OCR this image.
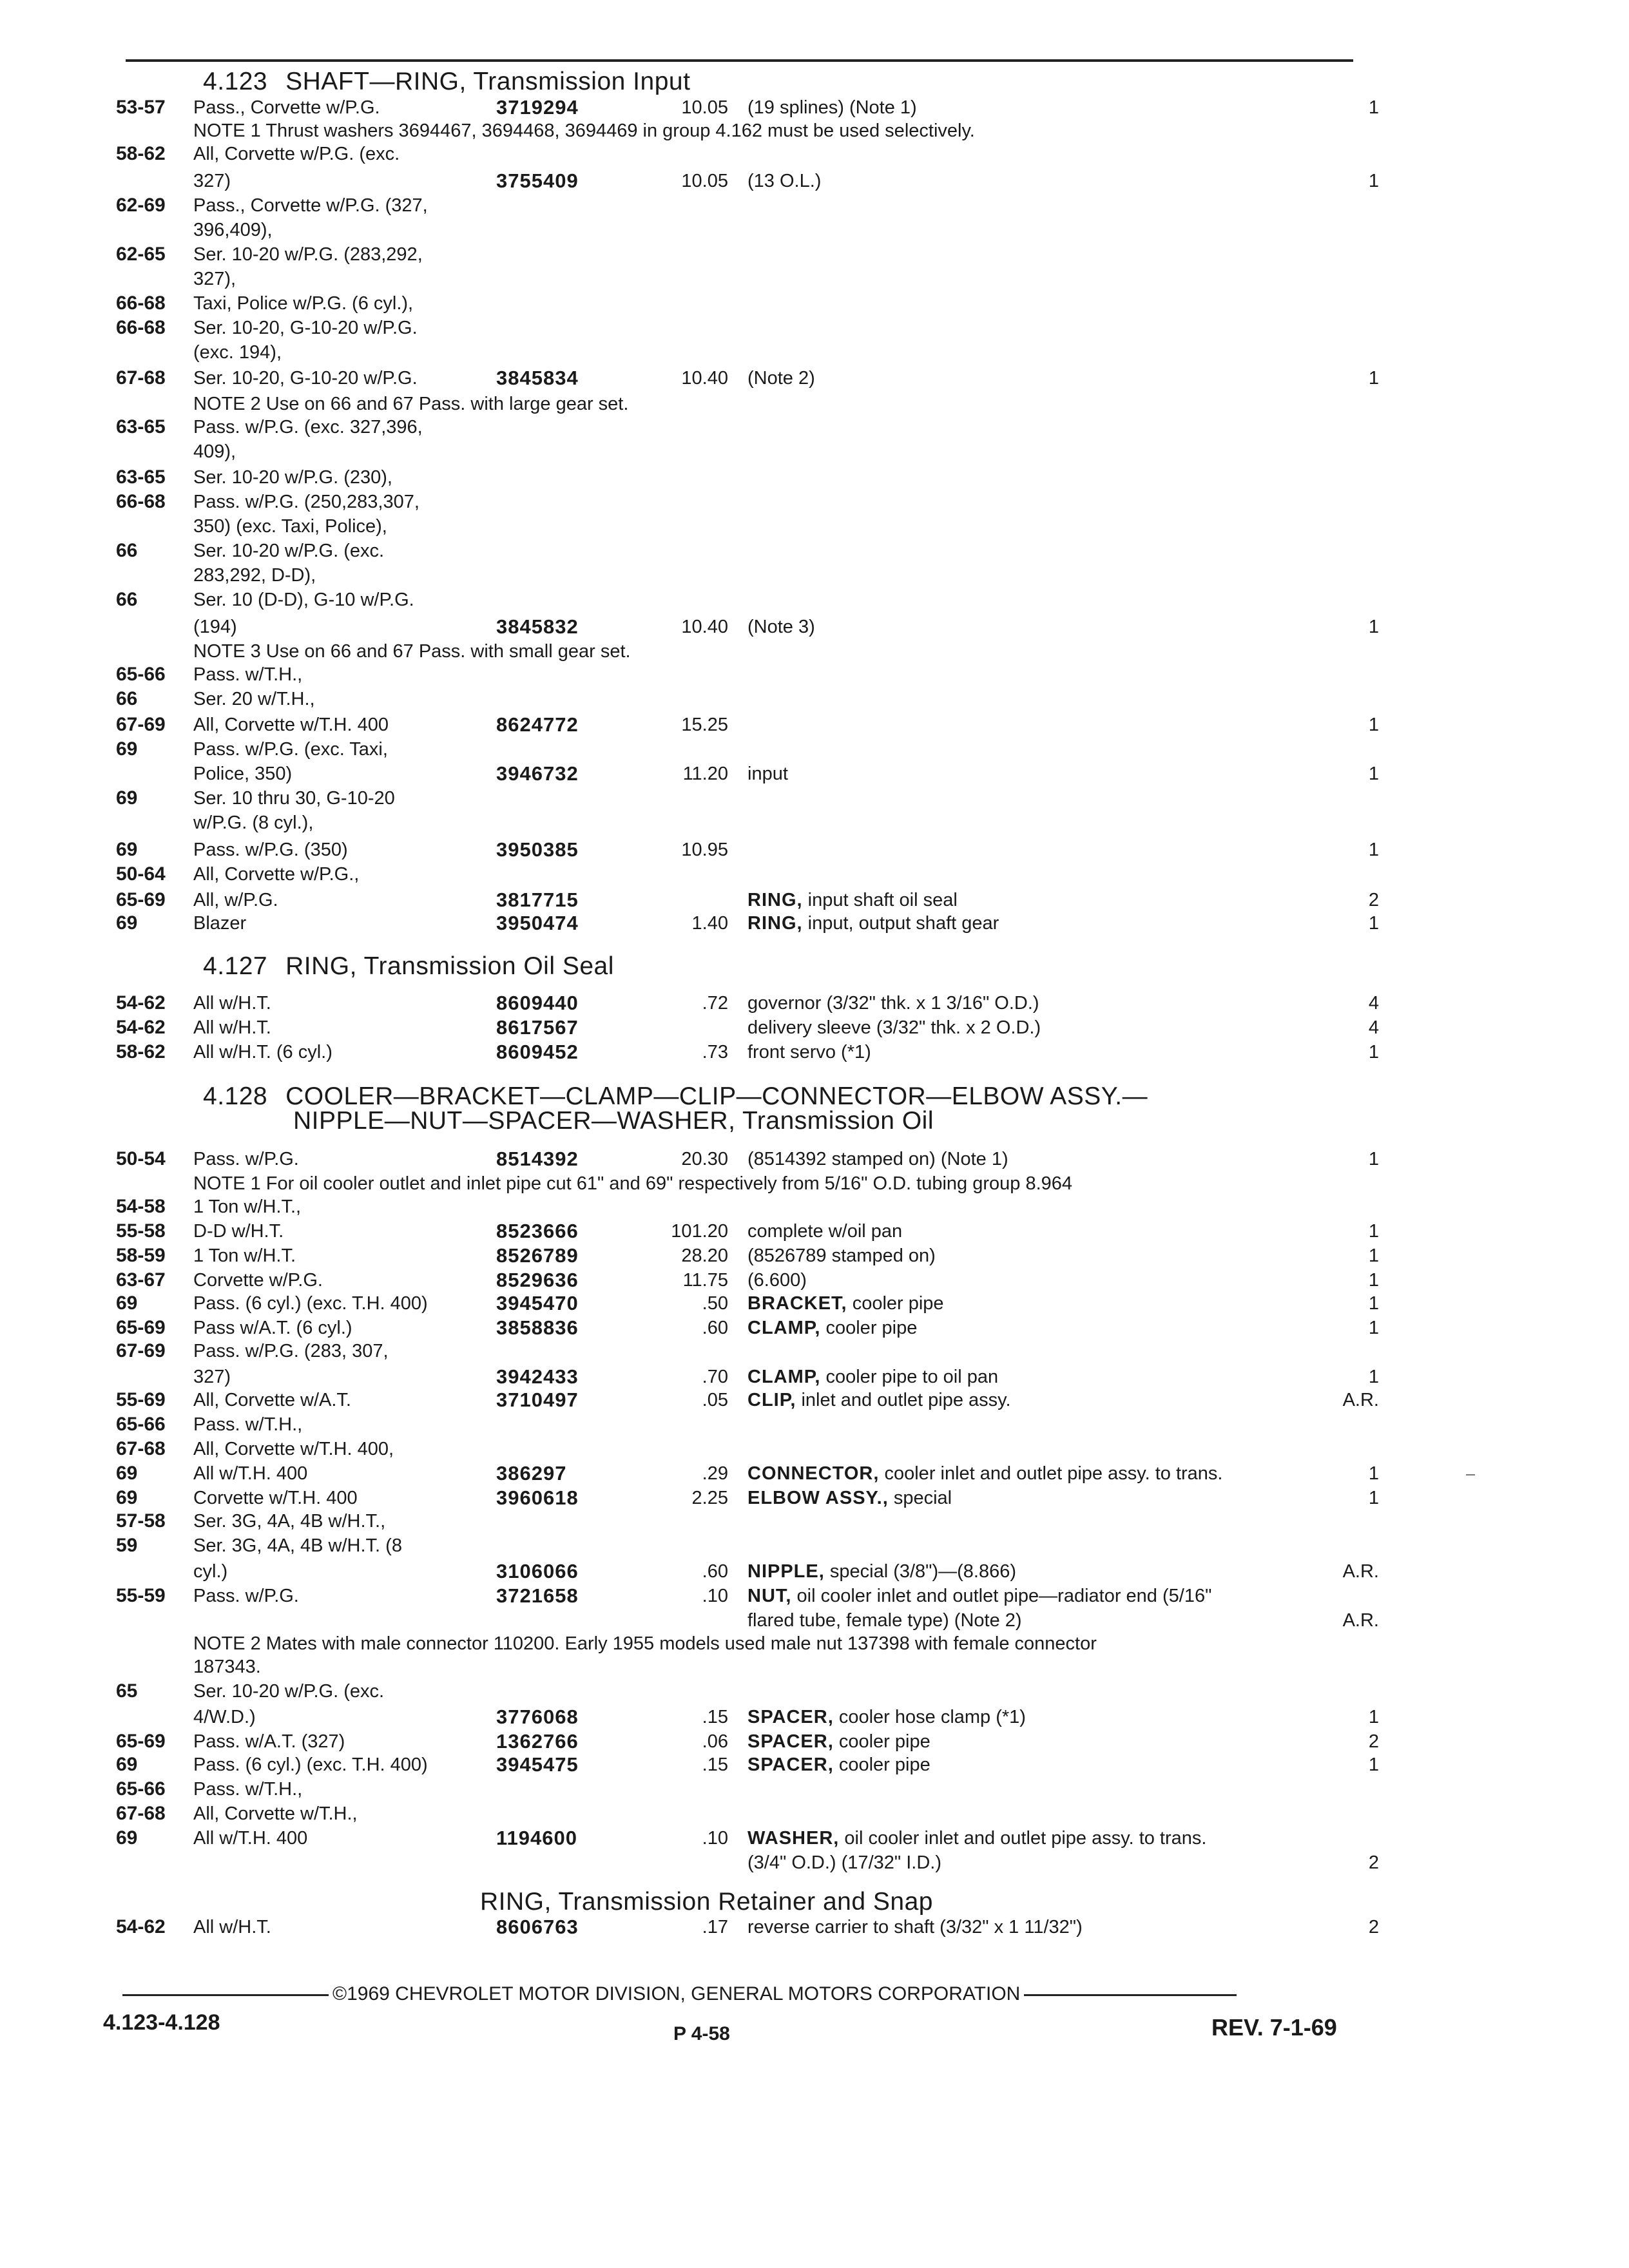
4.123 SHAFT—RING, Transmission Input
53-57 Pass., Corvette w/P.G.	3719294	10.05 (19 splines) (Note 1)	1
NOTE 1 Thrust washers 3694467, 3694468, 3694469 in group 4.162 must be used selectively.
58-62 All, Corvette w/P.G. (exc.
327)	3755409	10.05 (13 O.L.)	1
62-69 Pass., Corvette w/P.G. (327,
396,409),
62-65 Ser. 10-20 w/P.G. (283,292,
327),
66-68 Taxi, Police w/P.G. (6 cyl.),
66-68 Ser. 10-20, G-10-20 w/P.G.
(exc. 194),
67-68 Ser. 10-20, G-10-20 w/P.G.	3845834	10.40 (Note 2)	1
NOTE 2 Use on 66 and 67 Pass. with large gear set.
63-65 Pass. w/P.G. (exc. 327,396,
409),
63-65 Ser. 10-20 w/P.G. (230),
66-68 Pass. w/P.G. (250,283,307,
350) (exc. Taxi, Police),
66	Ser. 10-20 w/P.G. (exc.
283,292, D-D),
66	Ser. 10 (D-D), G-10 w/P.G.
(194)	3845832	10.40 (Note 3)	1
NOTE 3 Use on 66 and 67 Pass. with small gear set.
65-66 Pass. w/T.H.,
66	Ser. 20 w/T.H.,
67-69 All, Corvette w/T.H. 400	8624772	15.25	1
69	Pass. w/P.G. (exc. Taxi,
Police, 350)	3946732	11.20 input	1
69	Ser. 10 thru 30, G-10-20
w/P.G. (8 cyl.),
69	Pass. w/P.G. (350)	3950385	10.95	1
50-64 All, Corvette w/P.G.,
65-69 All, w/P.G.	3817715	RING, input shaft oil seal	2
69	Blazer	3950474	1.40 RING, input, output shaft gear	1
4.127 RING, Transmission Oil Seal
54-62 All w/H.T.	8609440	.72 governor (3/32" thk. x 1 3/16" O.D.)	4
54-62 All w/H.T.	8617567	delivery sleeve (3/32" thk. x 2 O.D.)	4
58-62 All w/H.T. (6 cyl.)	8609452	.73 front servo (*1)	1
4.128 COOLER—BRACKET—CLAMP—CLIP—CONNECTOR—ELBOW ASSY.—
NIPPLE—NUT—SPACER—WASHER, Transmission Oil
50-54 Pass. w/P.G.	8514392	20.30 (8514392 stamped on) (Note 1)	1
NOTE 1 For oil cooler outlet and inlet pipe cut 61" and 69" respectively from 5/16" O.D. tubing group 8.964
54-58 1 Ton w/H.T.,
55-58 D-D w/H.T.	8523666	101.20 complete w/oil pan	1
58-59 1 Ton w/H.T.	8526789	28.20 (8526789 stamped on)	1
63-67 Corvette w/P.G.	8529636	11.75 (6.600)	1
69	Pass. (6 cyl.) (exc. T.H. 400)	3945470	.50 BRACKET, cooler pipe	1
65-69 Pass w/A.T. (6 cyl.)	3858836	.60 CLAMP, cooler pipe	1
67-69 Pass. w/P.G. (283, 307,
327)	3942433	.70 CLAMP, cooler pipe to oil pan	1
55-69 All, Corvette w/A.T.	3710497	.05 CLIP, inlet and outlet pipe assy.	A.R.
65-66 Pass. w/T.H.,
67-68 All, Corvette w/T.H. 400,
69	All w/T.H. 400	386297	.29 CONNECTOR, cooler inlet and outlet pipe assy. to trans.	1
69	Corvette w/T.H. 400	3960618	2.25 ELBOW ASSY., special	1
57-58 Ser. 3G, 4A, 4B w/H.T.,
59	Ser. 3G, 4A, 4B w/H.T. (8
cyl.)	3106066	.60 NIPPLE, special (3/8")—(8.866)	A.R.
55-59 Pass. w/P.G.	3721658	.10 NUT, oil cooler inlet and outlet pipe—radiator end (5/16"
flared tube, female type) (Note 2)	A.R.
NOTE 2 Mates with male connector 110200. Early 1955 models used male nut 137398 with female connector
187343.
65	Ser. 10-20 w/P.G. (exc.
4/W.D.)	3776068	.15 SPACER, cooler hose clamp (*1)	1
65-69 Pass. w/A.T. (327)	1362766	.06 SPACER, cooler pipe	2
69	Pass. (6 cyl.) (exc. T.H. 400)	3945475	.15 SPACER, cooler pipe	1
65-66 Pass. w/T.H.,
67-68 All, Corvette w/T.H.,
69	All w/T.H. 400	1194600	.10 WASHER, oil cooler inlet and outlet pipe assy. to trans.
(3/4" O.D.) (17/32" I.D.)	2
RING, Transmission Retainer and Snap
54-62 All w/H.T.	8606763	.17 reverse carrier to shaft (3/32" x 1 11/32")	2
©1969 CHEVROLET MOTOR DIVISION, GENERAL MOTORS CORPORATION
4.123-4.128	P 4-58	REV. 7-1-69
